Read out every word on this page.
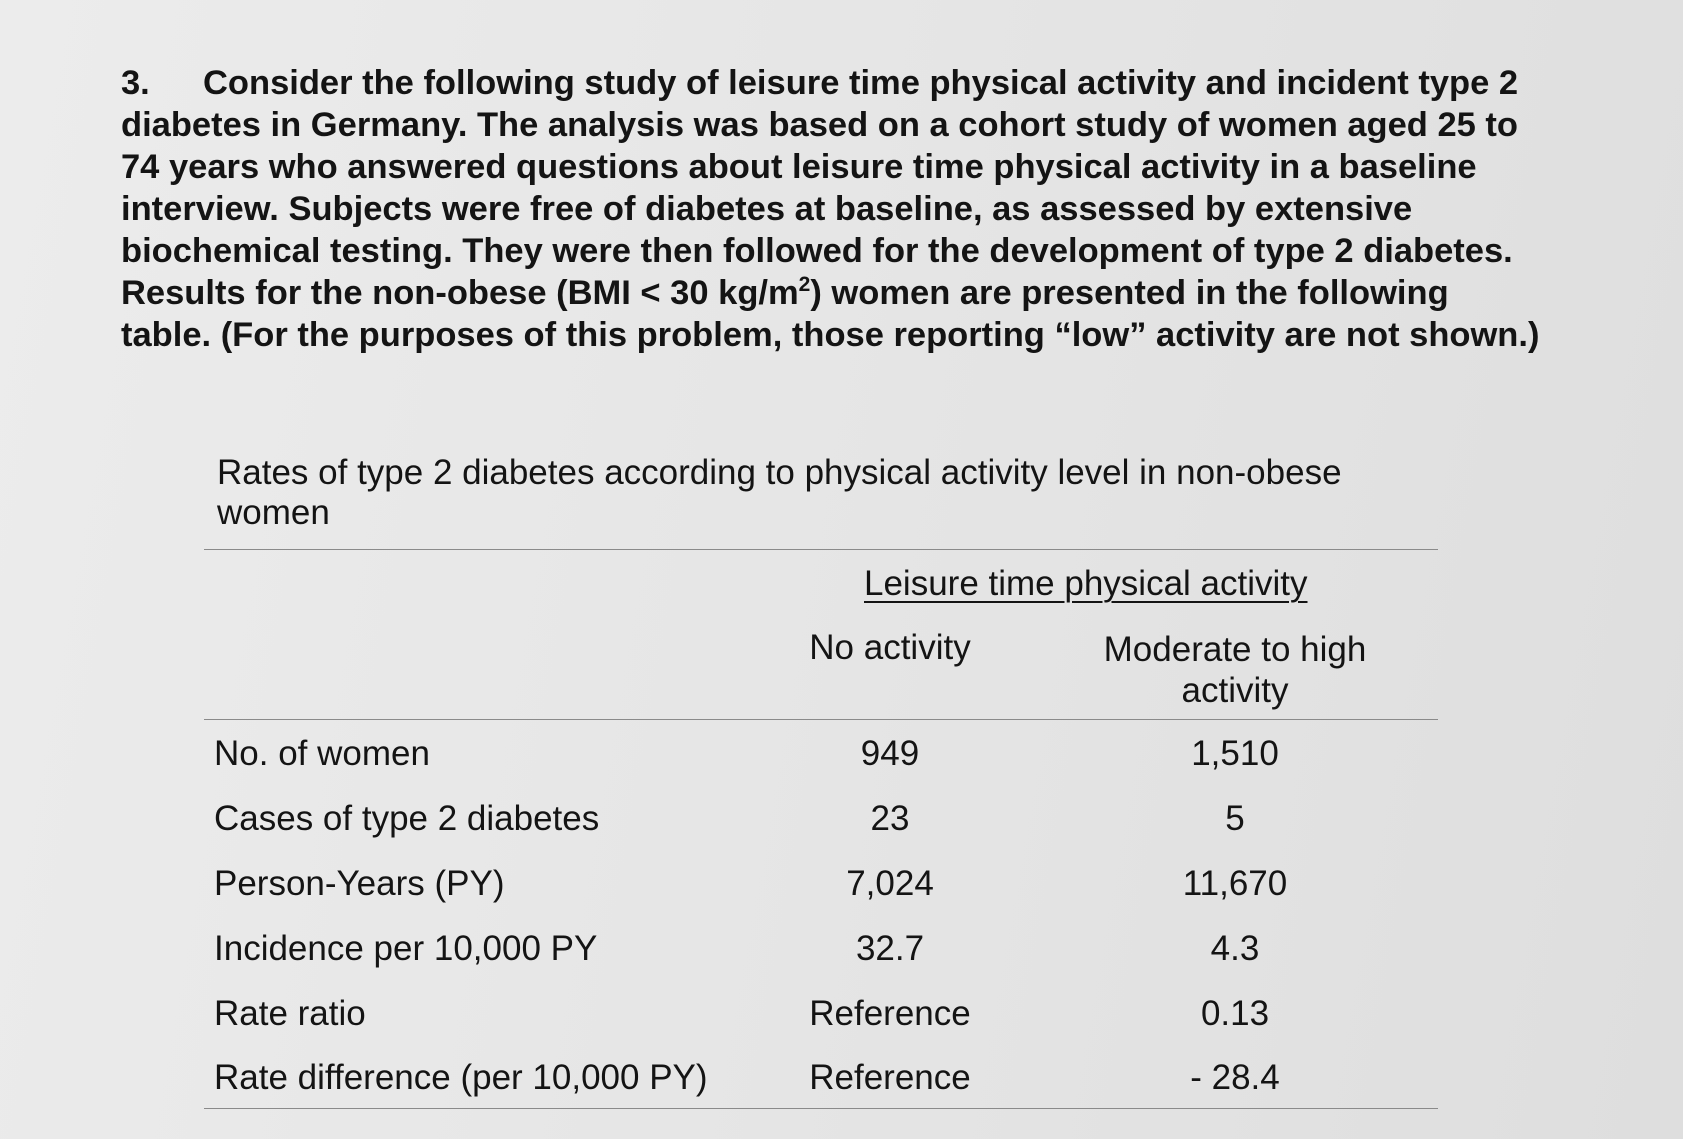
3. Consider the following study of leisure time physical activity and incident type 2 diabetes in Germany. The analysis was based on a cohort study of women aged 25 to 74 years who answered questions about leisure time physical activity in a baseline interview. Subjects were free of diabetes at baseline, as assessed by extensive biochemical testing. They were then followed for the development of type 2 diabetes. Results for the non-obese (BMI < 30 $kg/m^2$) women are presented in the following table. (For the purposes of this problem, those reporting “low” activity are not shown.)
Rates of type 2 diabetes according to physical activity level in non-obese women
Leisure time physical activity
No activity	Moderate to high activity
No. of women	949	1,510
Cases of type 2 diabetes	23	5
Person-Years (PY)	7,024	11,670
Incidence per 10,000 PY	32.7	4.3
Rate ratio	Reference	0.13
Rate difference (per 10,000 PY)	Reference	- 28.4
